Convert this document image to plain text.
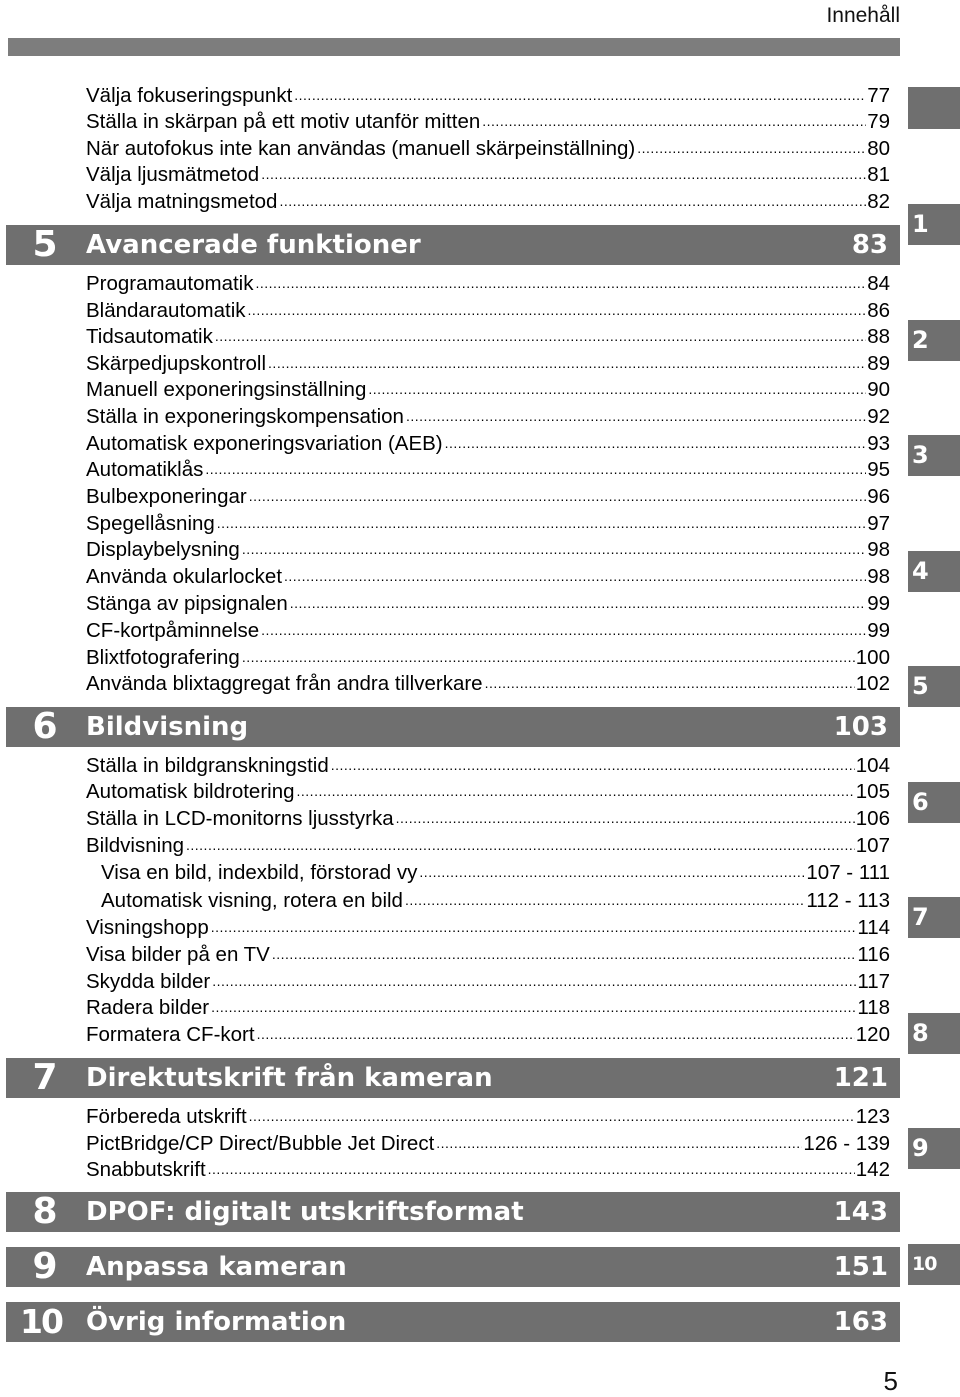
Innehåll
Välja fokuseringspunkt .....	77
Ställa in skärpan på ett motiv utanför mitten .....	79
När autofokus inte kan användas (manuell skärpeinställning) .....	80
Välja ljusmätmetod .....	81
Välja matningsmetod .....	82
5	Avancerade funktioner	83
Programautomatik .....	84
Bländarautomatik .....	86
Tidsautomatik .....	88
Skärpedjupskontroll .....	89
Manuell exponeringsinställning .....	90
Ställa in exponeringskompensation .....	92
Automatisk exponeringsvariation (AEB) .....	93
Automatiklås .....	95
Bulbexponeringar .....	96
Spegellåsning .....	97
Displaybelysning .....	98
Använda okularlocket .....	98
Stänga av pipsignalen .....	99
CF-kortpåminnelse .....	99
Blixtfotografering .....	100
Använda blixtaggregat från andra tillverkare .....	102
6	Bildvisning	103
Ställa in bildgranskningstid .....	104
Automatisk bildrotering .....	105
Ställa in LCD-monitorns ljusstyrka .....	106
Bildvisning .....	107
Visa en bild, indexbild, förstorad vy .....	107 - 111
Automatisk visning, rotera en bild .....	112 - 113
Visningshopp .....	114
Visa bilder på en TV .....	116
Skydda bilder .....	117
Radera bilder .....	118
Formatera CF-kort .....	120
7	Direktutskrift från kameran	121
Förbereda utskrift .....	123
PictBridge/CP Direct/Bubble Jet Direct .....	126 - 139
Snabbutskrift .....	142
8	DPOF: digitalt utskriftsformat	143
9	Anpassa kameran	151
10 Övrig information	163
1
2
3
4
5
6
7
8
9
10
5
